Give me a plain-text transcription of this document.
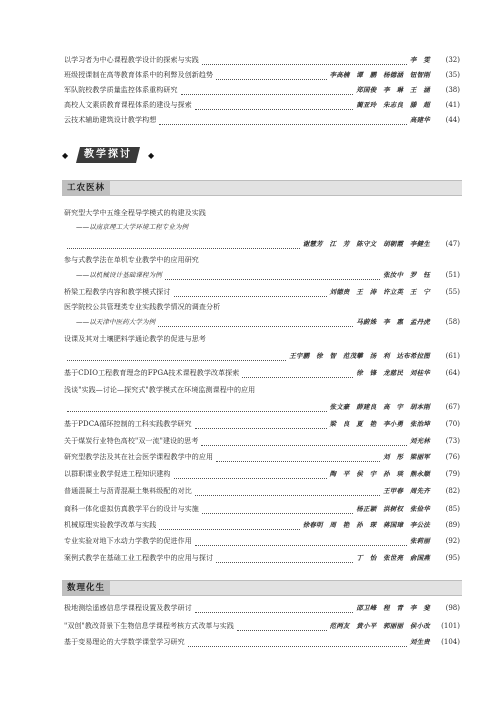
以学习者为中心课程教学设计的探索与实践	李　雯	(32)
班级授课制在高等教育体系中的利弊及创新趋势	李高楠　谭　鹏　杨德涵　钮智刚	(35)
军队院校教学质量监控体系重构研究	郑国俊　李　琳　王　涵	(38)
高校人文素质教育课程体系的建设与探索	蔺亚玲　朱志良　滕　超	(41)
云技术辅助建筑设计教学构想	高建华	(44)
研究型大学中五维全程导学模式的构建及实践
——以南京理工大学环境工程专业为例
谢慧芳　江　芳　陈守文　胡朝霞　李健生	(47)
参与式教学法在单机专业教学中的应用研究
——以机械设计基础课程为例	张汝中　罗　钰	(51)
桥梁工程教学内容和教学模式探讨	刘德贵　王　涛　许立英　王　宁	(55)
医学院校公共管理类专业实践教学情况的调查分析
——以天津中医药大学为例	马蔚姝　李　惠　孟丹虎	(58)
设课及其对土壤肥料学通论教学的促进与思考
王宇鹏　徐　智　范茂攀　汤　利　达布希拉图	(61)
基于CDIO工程教育理念的FPGA技术课程教学改革探索	徐　锋　龙慈民　刘桂华	(64)
浅谈"实践—讨论—探究式"教学模式在环境监测课程中的应用
张文豪　薛建良　高　宇　胡本刚	(67)
基于PDCA循环控制的工科实践教学研究	梁　良　夏　艳　李小勇　张治坤	(70)
关于煤炭行业特色高校"双一流"建设的思考	刘光林	(73)
研究型教学法及其在社会医学课程教学中的应用	刘　彤　梁丽军	(76)
以群职课业教学促进工程知识建构	陶　平　侯　宇　孙　琰　熊永顺	(79)
普通混凝土与沥青混凝土集料级配的对比	王甲春　周先齐	(82)
商科一体化虚拟仿真教学平台的设计与实施	杨正颖　洪树权　张俭华	(85)
机械原理实验教学改革与实践	徐春明　周　艳　孙　琛　蒋国璋　李公法	(89)
专业实验对地下水动力学教学的促进作用	张莉丽	(92)
案例式教学在基础工业工程教学中的应用与探讨	丁　怡　张世亮　俞国燕	(95)
极地测绘遥感信息学课程设置及教学研讨	邵卫峰　程　青　李　斐	(98)
"双创"教改背景下生物信息学课程考核方式改革与实践	范两友　黄小平　郭丽丽　侯小改	(101)
基于变易理论的大学数学课堂学习研究	刘生贵	(104)
◆	教学探讨	◆
工农医林
数理化生
